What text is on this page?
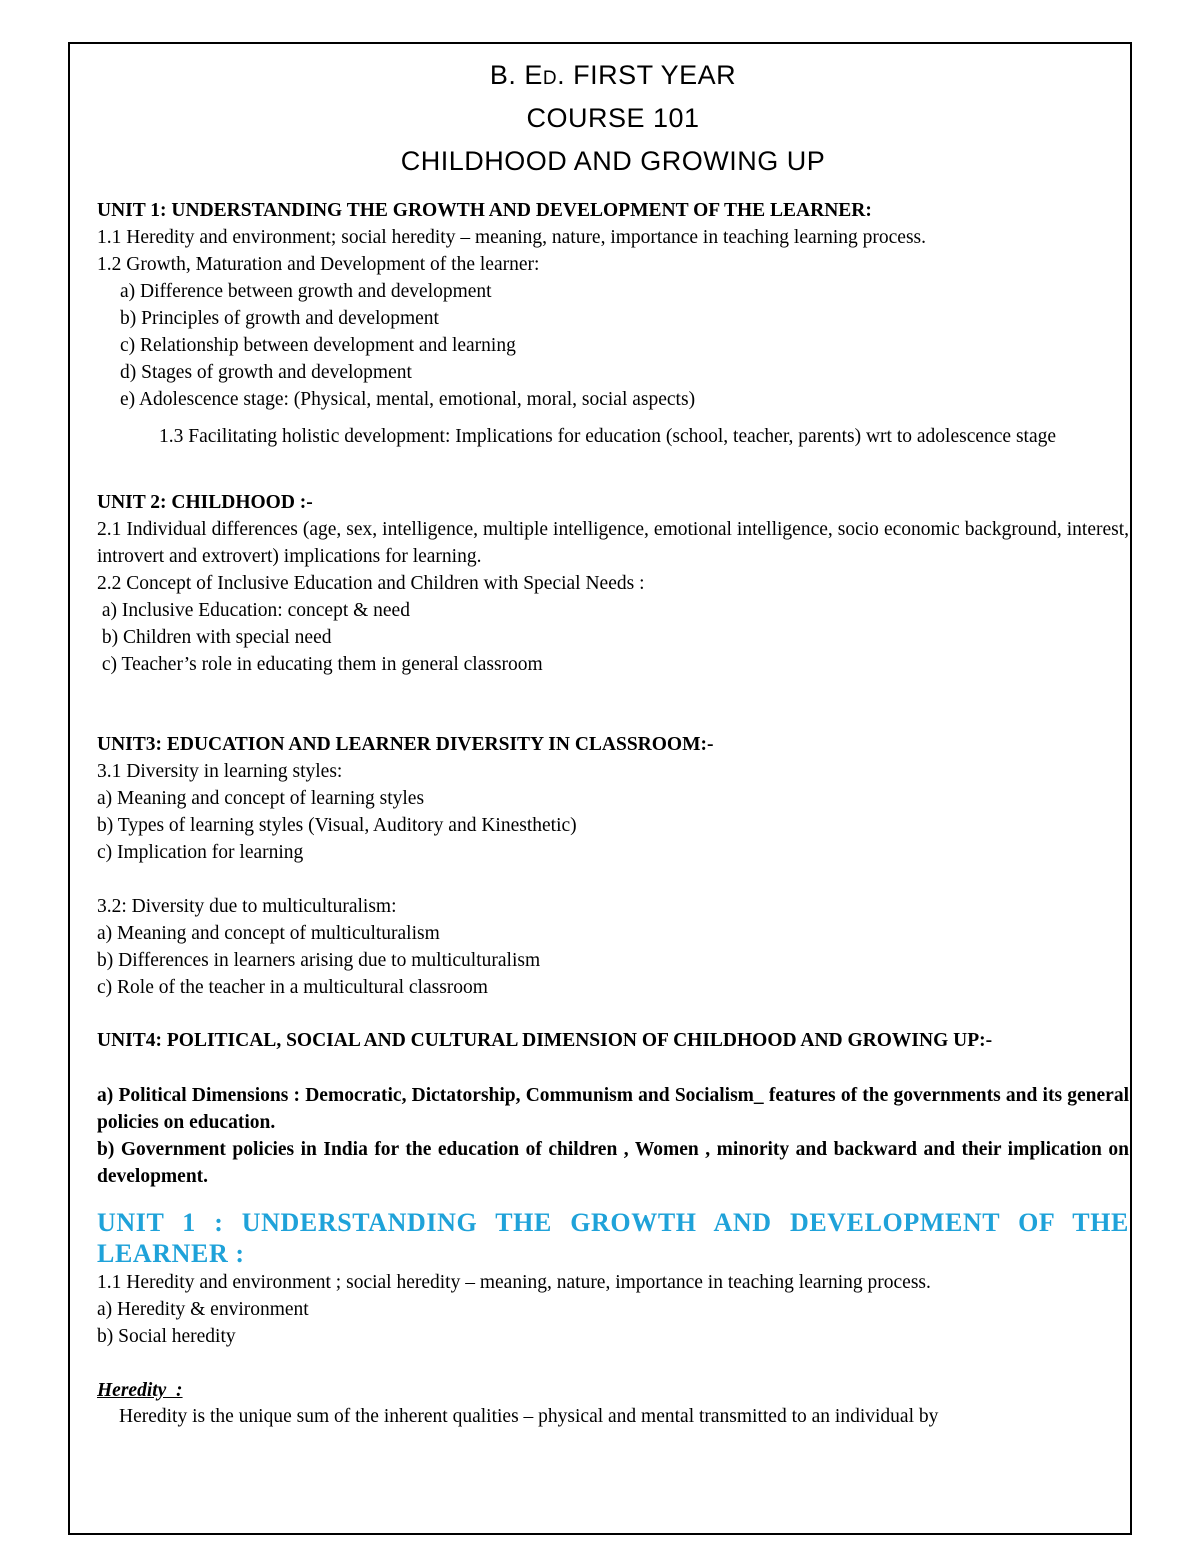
B. Ed. FIRST YEAR

COURSE 101

CHILDHOOD AND GROWING UP

UNIT 1: UNDERSTANDING THE GROWTH AND DEVELOPMENT OF THE LEARNER:

1.1 Heredity and environment; social heredity – meaning, nature, importance in teaching learning process.

1.2 Growth, Maturation and Development of the learner:

a) Difference between growth and development

b) Principles of growth and development

c) Relationship between development and learning

d) Stages of growth and development

e) Adolescence stage: (Physical, mental, emotional, moral, social aspects)

1.3 Facilitating holistic development: Implications for education (school, teacher, parents) wrt to adolescence stage

UNIT 2: CHILDHOOD :-

2.1 Individual differences (age, sex, intelligence, multiple intelligence, emotional intelligence, socio economic background, interest, introvert and extrovert) implications for learning.

2.2 Concept of Inclusive Education and Children with Special Needs :

a) Inclusive Education: concept & need

b) Children with special need

c) Teacher’s role in educating them in general classroom

UNIT3: EDUCATION AND LEARNER DIVERSITY IN CLASSROOM:-

3.1 Diversity in learning styles:

a) Meaning and concept of learning styles

b) Types of learning styles (Visual, Auditory and Kinesthetic)

c) Implication for learning

3.2: Diversity due to multiculturalism:

a) Meaning and concept of multiculturalism

b) Differences in learners arising due to multiculturalism

c) Role of the teacher in a multicultural classroom

UNIT4: POLITICAL, SOCIAL AND CULTURAL DIMENSION OF CHILDHOOD AND GROWING UP:-

a) Political Dimensions : Democratic, Dictatorship, Communism and Socialism_ features of the governments and its general policies on education.

b) Government policies in India for the education of children , Women , minority and backward and their implication on development.

UNIT 1 : UNDERSTANDING THE GROWTH AND DEVELOPMENT OF THE LEARNER :

1.1 Heredity and environment ; social heredity – meaning, nature, importance in teaching learning process.

a) Heredity & environment

b) Social heredity

Heredity  :

Heredity is the unique sum of the inherent qualities – physical and mental transmitted to an individual by
